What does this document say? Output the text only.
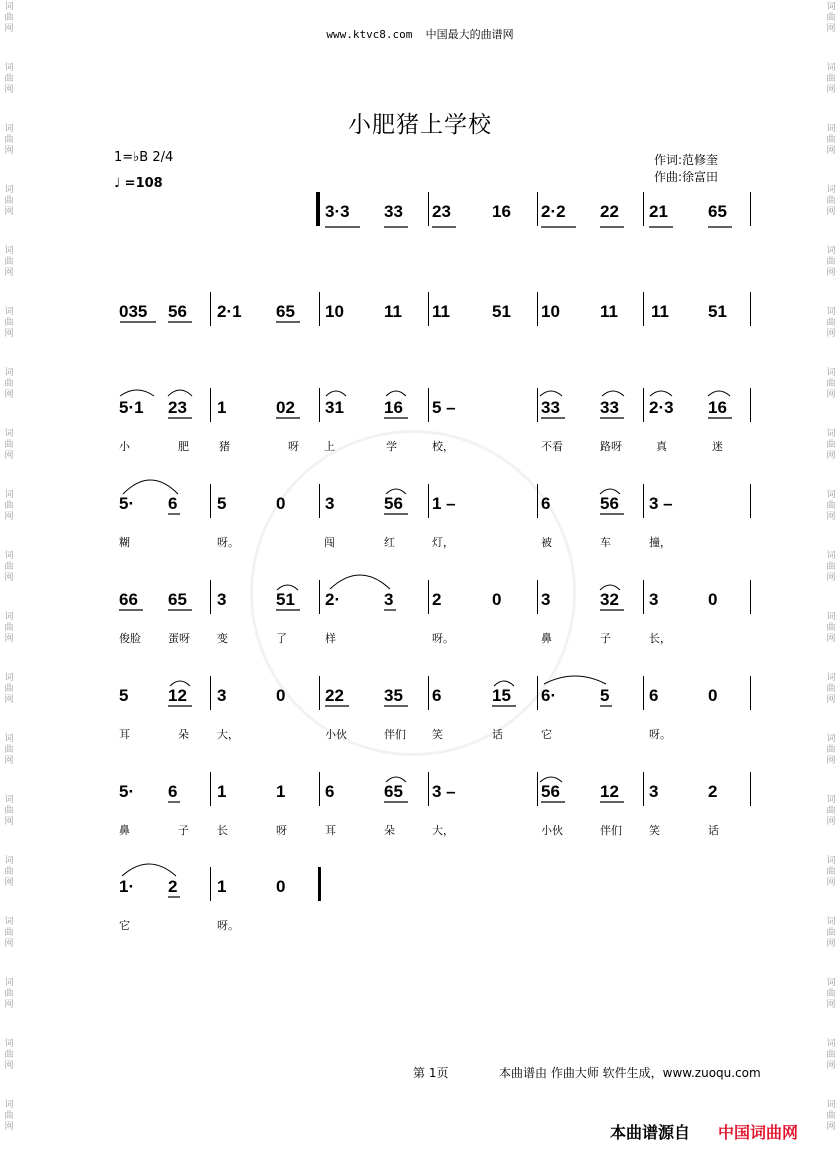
词
曲
网
词
曲
网
词
曲
网
词
曲
网
词
曲
网
词
曲
网
词
曲
网
词
曲
网
词
曲
网
词
曲
网
词
曲
网
词
曲
网
词
曲
网
词
曲
网
词
曲
网
词
曲
网
词
曲
网
词
曲
网
词
曲
网
词
曲
网
词
曲
网
词
曲
网
词
曲
网
词
曲
网
词
曲
网
词
曲
网
词
曲
网
词
曲
网
词
曲
网
词
曲
网
词
曲
网
词
曲
网
词
曲
网
词
曲
网
词
曲
网
词
曲
网
词
曲
网
词
曲
网
www.ktvc8.com 中国最大的曲谱网
小肥猪上学校
1=♭B 2/4
♩ =108
作词:范修奎
作曲:徐富田
3·3 33 23 16 2·2 22 21 65
035 56 2·1 65 10 11 11 51 10 11 11 51
5·1 23 1	02 31 16 5 –	33 33 2·3 16
小	肥	猪	呀 上	学	校，	不看	路呀	真	迷
5· 6 5	0 3	56 1 –	6	56 3 –
糊	呀。	闯	红	灯，	被	车	撞，
66 65 3	51 2·	3 2	0 3	32 3	0
俊脸 蛋呀 变	了	样	呀。	鼻	子	长，
5 12 3	0 22 35 6	15 6·	5 6	0
耳	朵	大，	小伙	伴们 笑	话	它	呀。
5· 6 1	1 6	65 3 –	56 12 3	2
鼻	子	长	呀	耳	朵	大，	小伙	伴们 笑	话
1· 2 1	0
它	呀。
第 1页	本曲谱由 作曲大师 软件生成，www.zuoqu.com
本曲谱源自 中国词曲网
